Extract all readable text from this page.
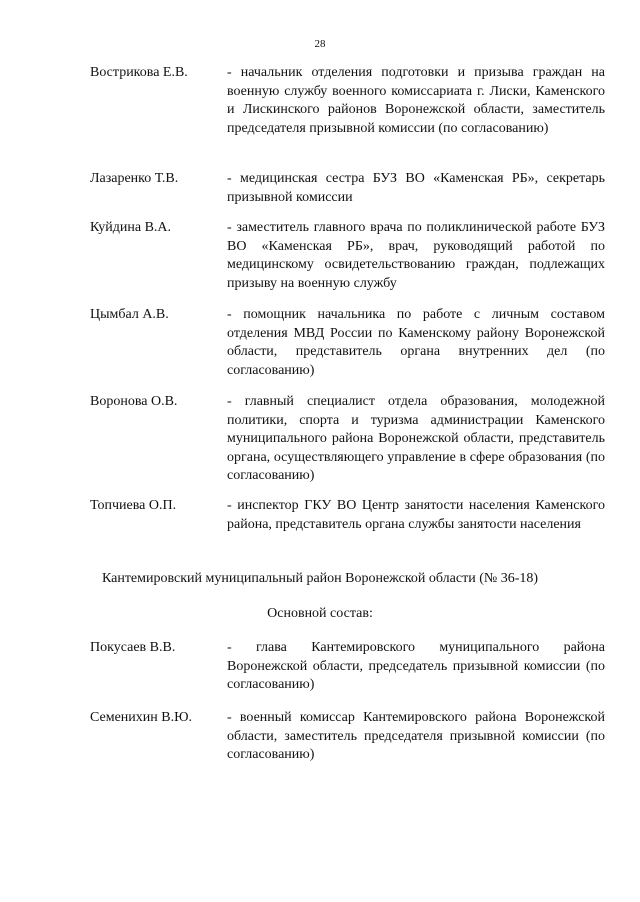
28
Вострикова Е.В.	- начальник отделения подготовки и призыва граждан на военную службу военного комиссариата г. Лиски, Каменского и Лискинского районов Воронежской области, заместитель председателя призывной комиссии (по согласованию)
Лазаренко Т.В.	- медицинская сестра БУЗ ВО «Каменская РБ», секретарь призывной комиссии
Куйдина В.А.	- заместитель главного врача по поликлинической работе БУЗ ВО «Каменская РБ», врач, руководящий работой по медицинскому освидетельствованию граждан, подлежащих призыву на военную службу
Цымбал А.В.	- помощник начальника по работе с личным составом отделения МВД России по Каменскому району Воронежской области, представитель органа внутренних дел (по согласованию)
Воронова О.В.	- главный специалист отдела образования, молодежной политики, спорта и туризма администрации Каменского муниципального района Воронежской области, представитель органа, осуществляющего управление в сфере образования (по согласованию)
Топчиева О.П.	- инспектор ГКУ ВО Центр занятости населения Каменского района, представитель органа службы занятости населения
Кантемировский муниципальный район Воронежской области (№ 36-18)
Основной состав:
Покусаев В.В.	- глава Кантемировского муниципального района Воронежской области, председатель призывной комиссии (по согласованию)
Семенихин В.Ю.	- военный комиссар Кантемировского района Воронежской области, заместитель председателя призывной комиссии (по согласованию)
